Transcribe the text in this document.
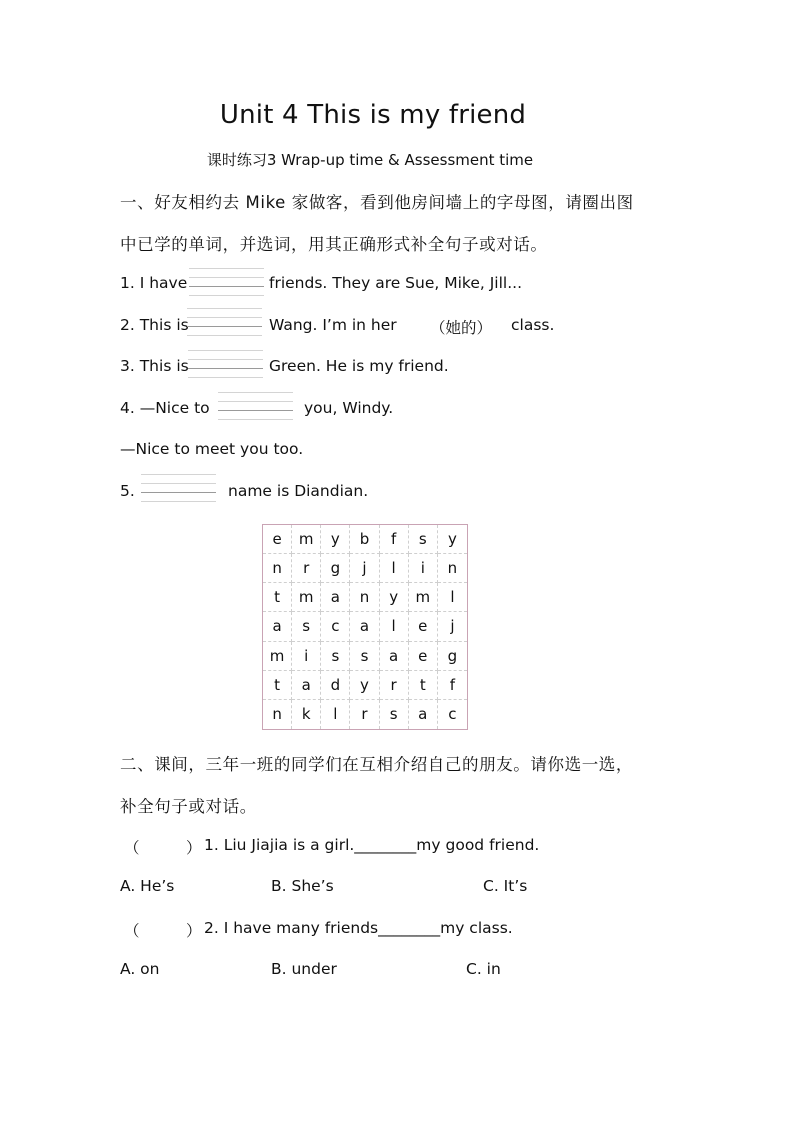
Unit 4 This is my friend
课时练习3 Wrap-up time & Assessment time
一、好友相约去 Mike 家做客，看到他房间墙上的字母图，请圈出图
中已学的单词，并选词，用其正确形式补全句子或对话。
1. I have	friends. They are Sue, Mike, Jill...
2. This is	Wang. I’m in her （她的） class.
3. This is	Green. He is my friend.
4. —Nice to	you, Windy.
—Nice to meet you too.
5.	name is Diandian.
e	m	y	b	f	s	y
n	r	g	j	l	i	n
t	m	a	n	y	m	l
a	s	c	a	l	e	j
m	i	s	s	a	e	g
t	a	d	y	r	t	f
n	k	l	r	s	a	c
二、课间，三年一班的同学们在互相介绍自己的朋友。请你选一选，
补全句子或对话。
（　　　） 1. Liu Jiajia is a girl.________my good friend.
A. He’s	B. She’s	C. It’s
（　　　） 2. I have many friends________my class.
A. on	B. under	C. in
